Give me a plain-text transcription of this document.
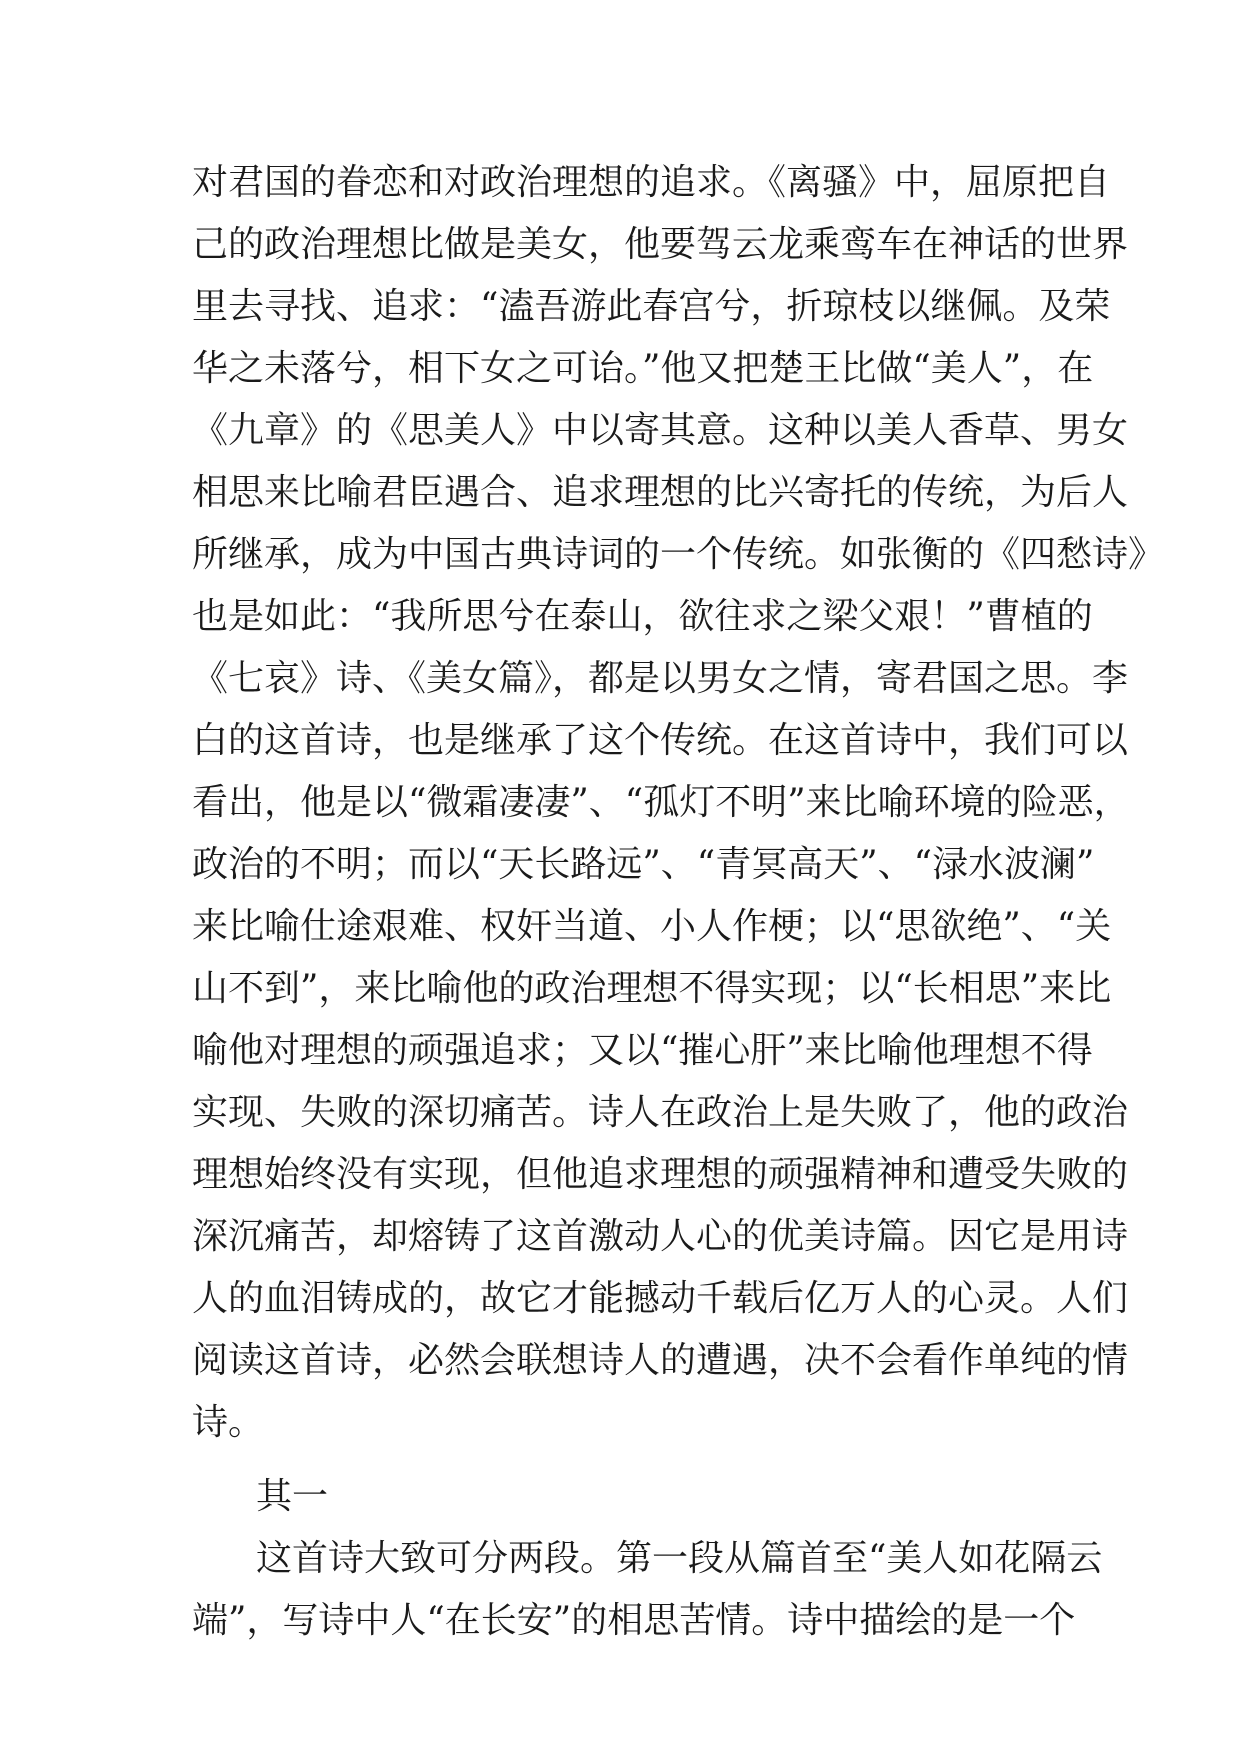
对君国的眷恋和对政治理想的追求。《离骚》中，屈原把自
己的政治理想比做是美女，他要驾云龙乘鸾车在神话的世界
里去寻找、追求：“溘吾游此春宫兮，折琼枝以继佩。及荣
华之未落兮，相下女之可诒。”他又把楚王比做“美人”，在
《九章》的《思美人》中以寄其意。这种以美人香草、男女
相思来比喻君臣遇合、追求理想的比兴寄托的传统，为后人
所继承，成为中国古典诗词的一个传统。如张衡的《四愁诗》
也是如此：“我所思兮在泰山，欲往求之梁父艰！”曹植的
《七哀》诗、《美女篇》，都是以男女之情，寄君国之思。李
白的这首诗，也是继承了这个传统。在这首诗中，我们可以
看出，他是以“微霜凄凄”、“孤灯不明”来比喻环境的险恶，
政治的不明；而以“天长路远”、“青冥高天”、“渌水波澜”
来比喻仕途艰难、权奸当道、小人作梗；以“思欲绝”、“关
山不到”，来比喻他的政治理想不得实现；以“长相思”来比
喻他对理想的顽强追求；又以“摧心肝”来比喻他理想不得
实现、失败的深切痛苦。诗人在政治上是失败了，他的政治
理想始终没有实现，但他追求理想的顽强精神和遭受失败的
深沉痛苦，却熔铸了这首激动人心的优美诗篇。因它是用诗
人的血泪铸成的，故它才能撼动千载后亿万人的心灵。人们
阅读这首诗，必然会联想诗人的遭遇，决不会看作单纯的情
诗。
其一
这首诗大致可分两段。第一段从篇首至“美人如花隔云
端”，写诗中人“在长安”的相思苦情。诗中描绘的是一个
